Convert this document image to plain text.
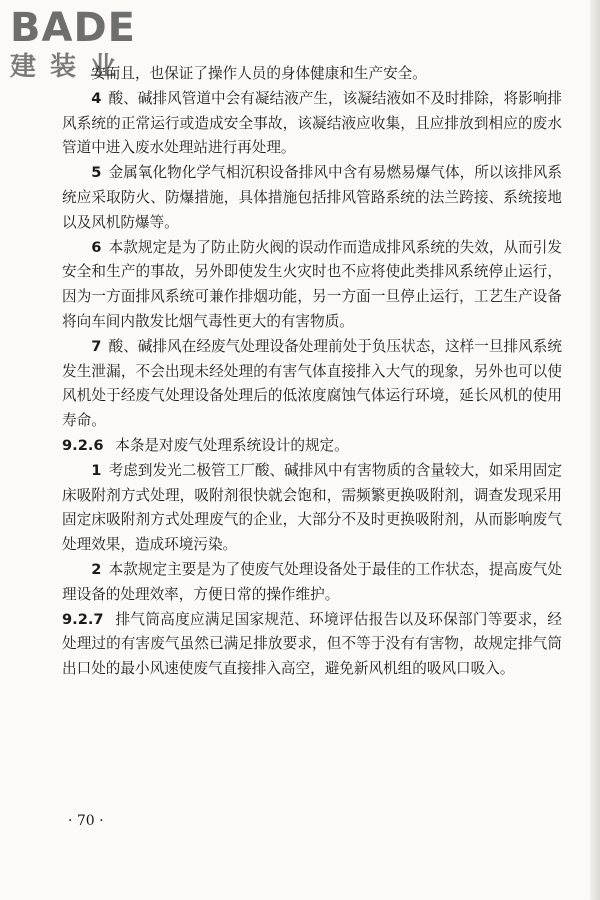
BADE
建装业

安而且，也保证了操作人员的身体健康和生产安全。

4 酸、碱排风管道中会有凝结液产生，该凝结液如不及时排除，将影响排风系统的正常运行或造成安全事故，该凝结液应收集，且应排放到相应的废水管道中进入废水处理站进行再处理。

5 金属氧化物化学气相沉积设备排风中含有易燃易爆气体，所以该排风系统应采取防火、防爆措施，具体措施包括排风管路系统的法兰跨接、系统接地以及风机防爆等。

6 本款规定是为了防止防火阀的误动作而造成排风系统的失效，从而引发安全和生产的事故，另外即使发生火灾时也不应将使此类排风系统停止运行，因为一方面排风系统可兼作排烟功能，另一方面一旦停止运行，工艺生产设备将向车间内散发比烟气毒性更大的有害物质。

7 酸、碱排风在经废气处理设备处理前处于负压状态，这样一旦排风系统发生泄漏，不会出现未经处理的有害气体直接排入大气的现象，另外也可以使风机处于经废气处理设备处理后的低浓度腐蚀气体运行环境，延长风机的使用寿命。

9.2.6 本条是对废气处理系统设计的规定。

1 考虑到发光二极管工厂酸、碱排风中有害物质的含量较大，如采用固定床吸附剂方式处理，吸附剂很快就会饱和，需频繁更换吸附剂，调查发现采用固定床吸附剂方式处理废气的企业，大部分不及时更换吸附剂，从而影响废气处理效果，造成环境污染。

2 本款规定主要是为了使废气处理设备处于最佳的工作状态，提高废气处理设备的处理效率，方便日常的操作维护。

9.2.7 排气筒高度应满足国家规范、环境评估报告以及环保部门等要求，经处理过的有害废气虽然已满足排放要求，但不等于没有有害物，故规定排气筒出口处的最小风速使废气直接排入高空，避免新风机组的吸风口吸入。

· 70 ·
